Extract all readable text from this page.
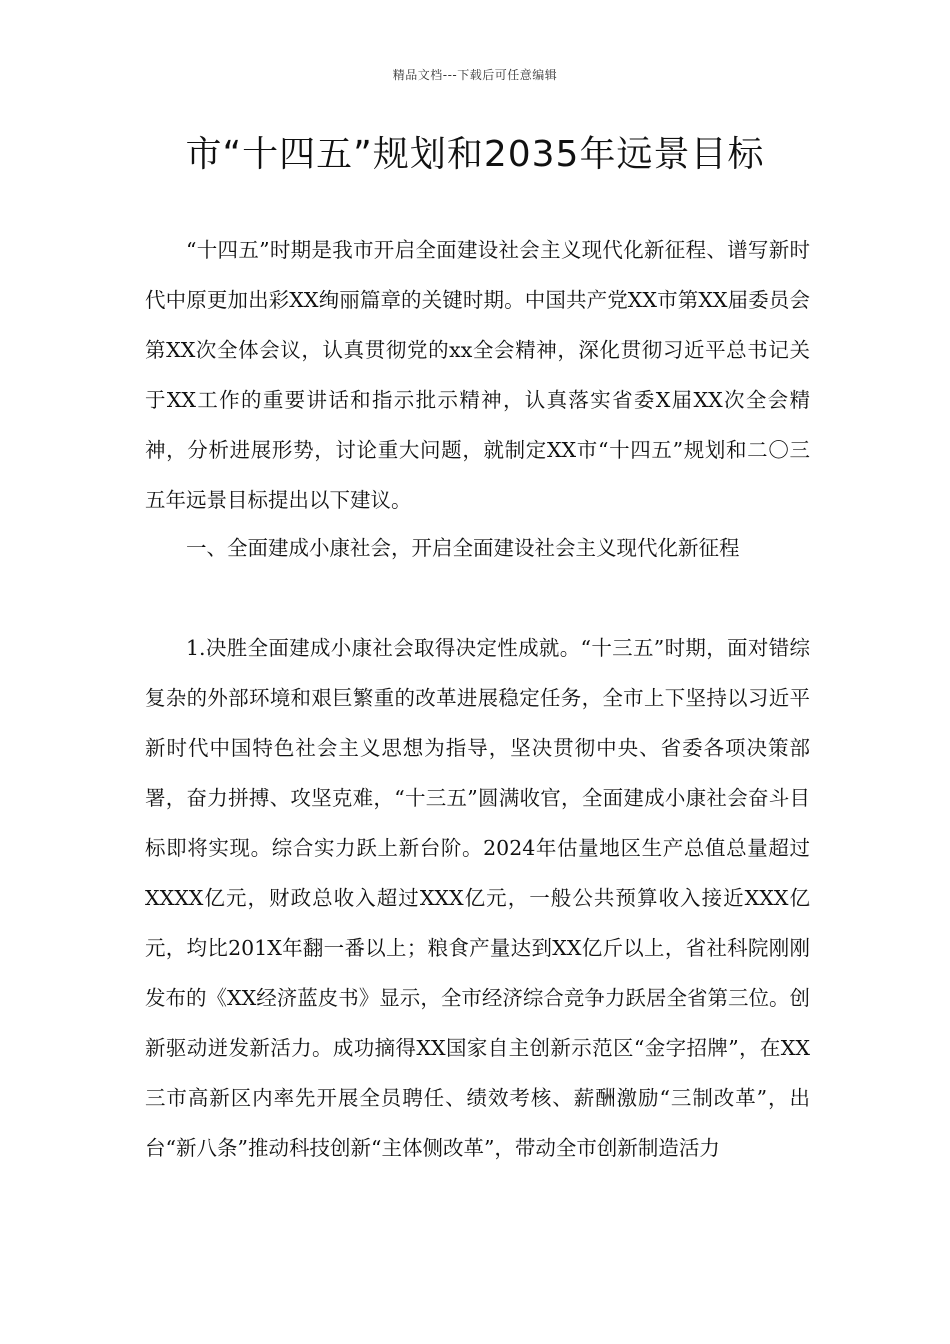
精品文档---下载后可任意编辑
市“十四五”规划和2035年远景目标

“十四五”时期是我市开启全面建设社会主义现代化新征程、谱写新时代中原更加出彩XX绚丽篇章的关键时期。中国共产党XX市第XX届委员会第XX次全体会议，认真贯彻党的xx全会精神，深化贯彻习近平总书记关于XX工作的重要讲话和指示批示精神，认真落实省委X届XX次全会精神，分析进展形势，讨论重大问题，就制定XX市“十四五”规划和二〇三五年远景目标提出以下建议。

一、全面建成小康社会，开启全面建设社会主义现代化新征程

1.决胜全面建成小康社会取得决定性成就。“十三五”时期，面对错综复杂的外部环境和艰巨繁重的改革进展稳定任务，全市上下坚持以习近平新时代中国特色社会主义思想为指导，坚决贯彻中央、省委各项决策部署，奋力拼搏、攻坚克难，“十三五”圆满收官，全面建成小康社会奋斗目标即将实现。综合实力跃上新台阶。2024年估量地区生产总值总量超过XXXX亿元，财政总收入超过XXX亿元，一般公共预算收入接近XXX亿元，均比201X年翻一番以上；粮食产量达到XX亿斤以上，省社科院刚刚发布的《XX经济蓝皮书》显示，全市经济综合竞争力跃居全省第三位。创新驱动迸发新活力。成功摘得XX国家自主创新示范区“金字招牌”，在XX三市高新区内率先开展全员聘任、绩效考核、薪酬激励“三制改革”，出台“新八条”推动科技创新“主体侧改革”，带动全市创新制造活力
